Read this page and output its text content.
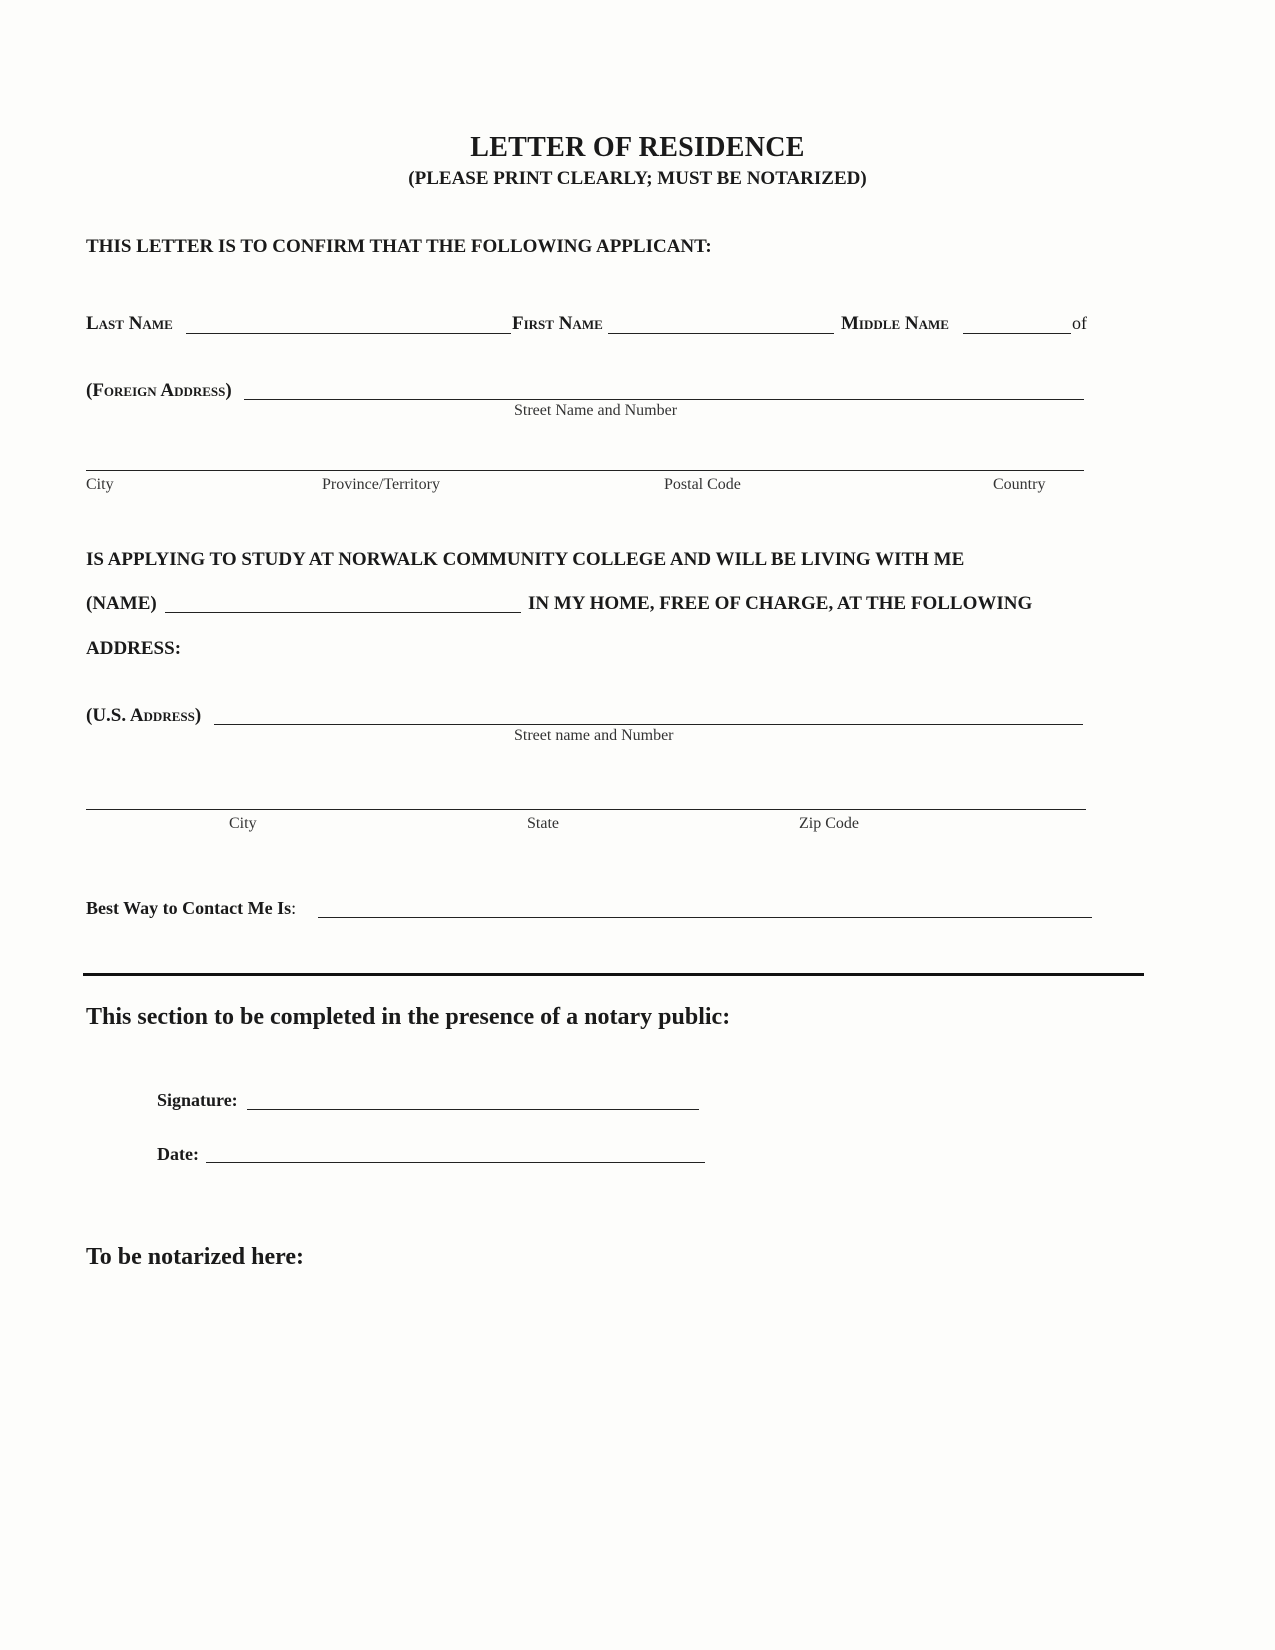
LETTER OF RESIDENCE
(PLEASE PRINT CLEARLY; MUST BE NOTARIZED)
THIS LETTER IS TO CONFIRM THAT THE FOLLOWING APPLICANT:
Last Name	First Name	Middle Name	of
(Foreign Address)
Street Name and Number
City	Province/Territory	Postal Code	Country
IS APPLYING TO STUDY AT NORWALK COMMUNITY COLLEGE AND WILL BE LIVING WITH ME
(NAME)	IN MY HOME, FREE OF CHARGE, AT THE FOLLOWING
ADDRESS:
(U.S. Address)
Street name and Number
City	State	Zip Code
Best Way to Contact Me Is:
This section to be completed in the presence of a notary public:
Signature:
Date:
To be notarized here:
